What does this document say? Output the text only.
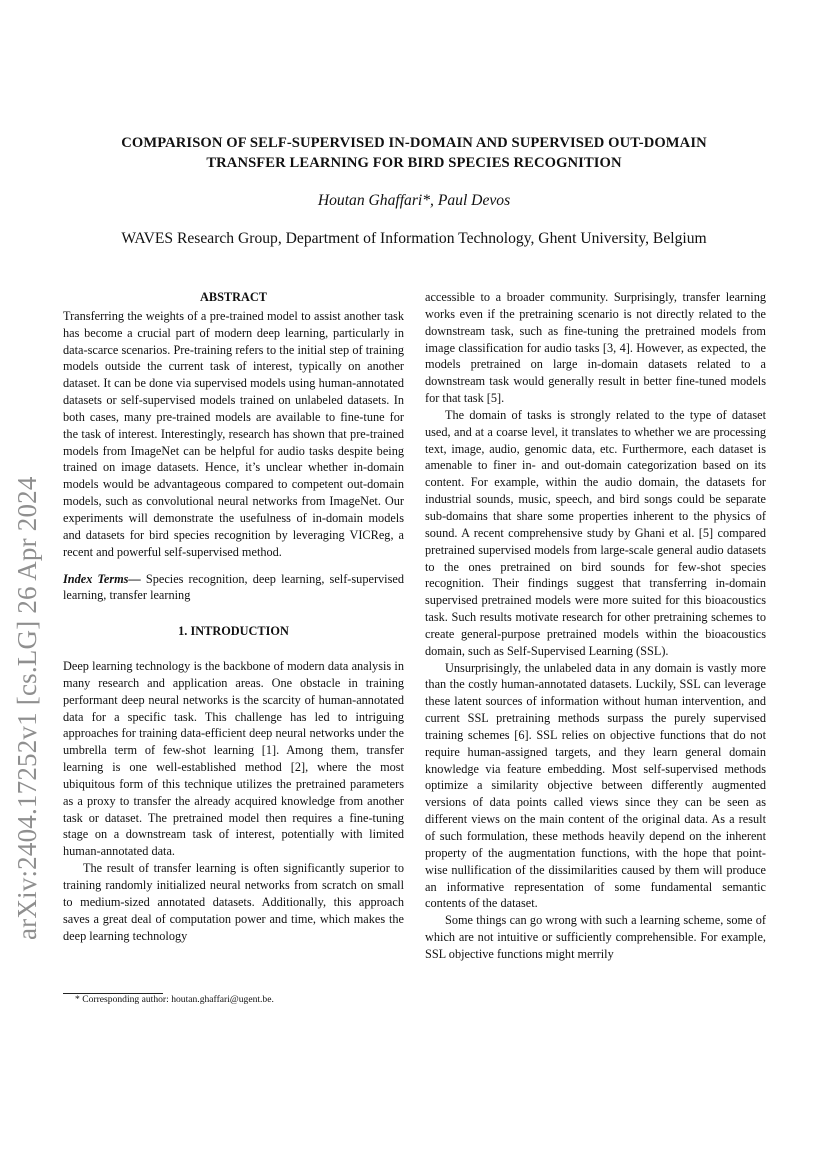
arXiv:2404.17252v1 [cs.LG] 26 Apr 2024
COMPARISON OF SELF-SUPERVISED IN-DOMAIN AND SUPERVISED OUT-DOMAIN
TRANSFER LEARNING FOR BIRD SPECIES RECOGNITION
Houtan Ghaffari*, Paul Devos
WAVES Research Group, Department of Information Technology, Ghent University, Belgium
ABSTRACT

Transferring the weights of a pre-trained model to assist another task has become a crucial part of modern deep learning, particularly in data-scarce scenarios. Pre-training refers to the initial step of training models outside the current task of interest, typically on another dataset. It can be done via supervised models using human-annotated datasets or self-supervised models trained on unlabeled datasets. In both cases, many pre-trained models are available to fine-tune for the task of interest. Interestingly, research has shown that pre-trained models from ImageNet can be helpful for audio tasks despite being trained on image datasets. Hence, it’s unclear whether in-domain models would be advantageous compared to competent out-domain models, such as convolutional neural networks from ImageNet. Our experiments will demonstrate the usefulness of in-domain models and datasets for bird species recognition by leveraging VICReg, a recent and powerful self-supervised method.

Index Terms— Species recognition, deep learning, self-supervised learning, transfer learning

1. INTRODUCTION

Deep learning technology is the backbone of modern data analysis in many research and application areas. One obstacle in training performant deep neural networks is the scarcity of human-annotated data for a specific task. This challenge has led to intriguing approaches for training data-efficient deep neural networks under the umbrella term of few-shot learning [1]. Among them, transfer learning is one well-established method [2], where the most ubiquitous form of this technique utilizes the pretrained parameters as a proxy to transfer the already acquired knowledge from another task or dataset. The pretrained model then requires a fine-tuning stage on a downstream task of interest, potentially with limited human-annotated data.

The result of transfer learning is often significantly superior to training randomly initialized neural networks from scratch on small to medium-sized annotated datasets. Additionally, this approach saves a great deal of computation power and time, which makes the deep learning technology

accessible to a broader community. Surprisingly, transfer learning works even if the pretraining scenario is not directly related to the downstream task, such as fine-tuning the pretrained models from image classification for audio tasks [3, 4]. However, as expected, the models pretrained on large in-domain datasets related to a downstream task would generally result in better fine-tuned models for that task [5].

The domain of tasks is strongly related to the type of dataset used, and at a coarse level, it translates to whether we are processing text, image, audio, genomic data, etc. Furthermore, each dataset is amenable to finer in- and out-domain categorization based on its content. For example, within the audio domain, the datasets for industrial sounds, music, speech, and bird songs could be separate sub-domains that share some properties inherent to the physics of sound. A recent comprehensive study by Ghani et al. [5] compared pretrained supervised models from large-scale general audio datasets to the ones pretrained on bird sounds for few-shot species recognition. Their findings suggest that transferring in-domain supervised pretrained models were more suited for this bioacoustics task. Such results motivate research for other pretraining schemes to create general-purpose pretrained models within the bioacoustics domain, such as Self-Supervised Learning (SSL).

Unsurprisingly, the unlabeled data in any domain is vastly more than the costly human-annotated datasets. Luckily, SSL can leverage these latent sources of information without human intervention, and current SSL pretraining methods surpass the purely supervised training schemes [6]. SSL relies on objective functions that do not require human-assigned targets, and they learn general domain knowledge via feature embedding. Most self-supervised methods optimize a similarity objective between differently augmented versions of data points called views since they can be seen as different views on the main content of the original data. As a result of such formulation, these methods heavily depend on the inherent property of the augmentation functions, with the hope that point-wise nullification of the dissimilarities caused by them will produce an informative representation of some fundamental semantic contents of the dataset.

Some things can go wrong with such a learning scheme, some of which are not intuitive or sufficiently comprehensible. For example, SSL objective functions might merrily

* Corresponding author: houtan.ghaffari@ugent.be.
